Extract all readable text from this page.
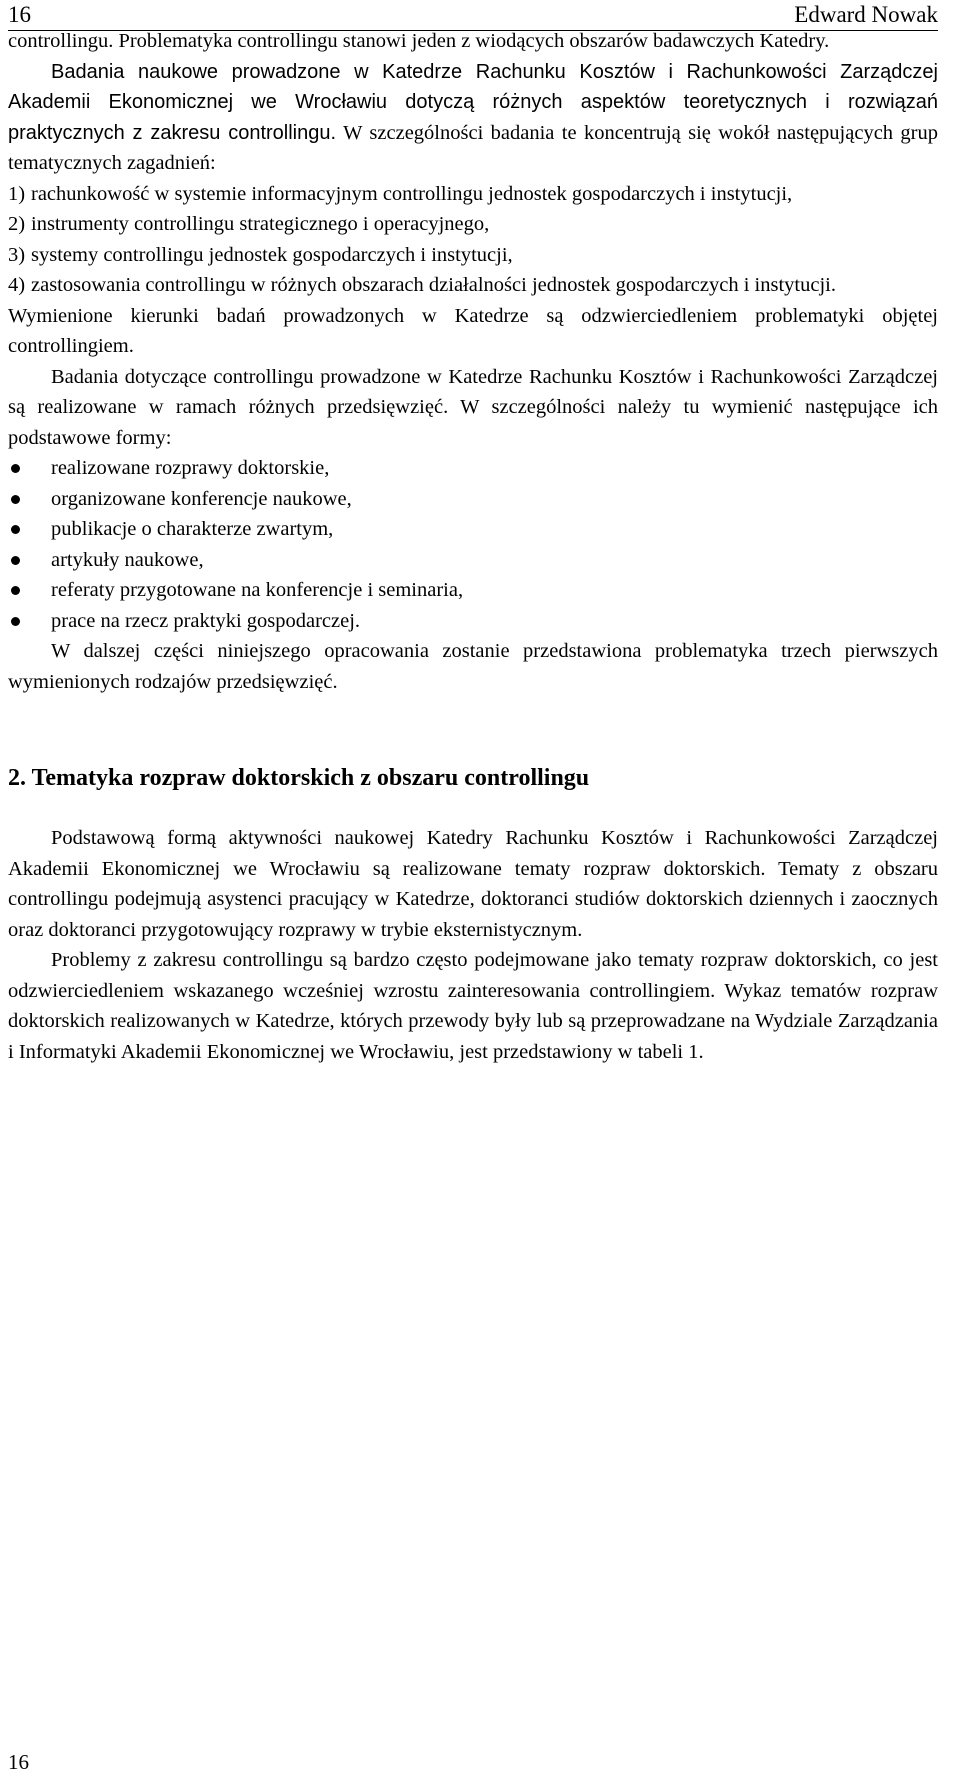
16	Edward Nowak

controllingu. Problematyka controllingu stanowi jeden z wiodących obszarów badawczych Katedry.

Badania naukowe prowadzone w Katedrze Rachunku Kosztów i Rachunkowości Zarządczej Akademii Ekonomicznej we Wrocławiu dotyczą różnych aspektów teoretycznych i rozwiązań praktycznych z zakresu controllingu. W szczególności badania te koncentrują się wokół następujących grup tematycznych zagadnień:

1) rachunkowość w systemie informacyjnym controllingu jednostek gospodarczych i instytucji,
2) instrumenty controllingu strategicznego i operacyjnego,
3) systemy controllingu jednostek gospodarczych i instytucji,
4) zastosowania controllingu w różnych obszarach działalności jednostek gospodarczych i instytucji.

Wymienione kierunki badań prowadzonych w Katedrze są odzwierciedleniem problematyki objętej controllingiem.

Badania dotyczące controllingu prowadzone w Katedrze Rachunku Kosztów i Rachunkowości Zarządczej są realizowane w ramach różnych przedsięwzięć. W szczególności należy tu wymienić następujące ich podstawowe formy:

realizowane rozprawy doktorskie,
organizowane konferencje naukowe,
publikacje o charakterze zwartym,
artykuły naukowe,
referaty przygotowane na konferencje i seminaria,
prace na rzecz praktyki gospodarczej.

W dalszej części niniejszego opracowania zostanie przedstawiona problematyka trzech pierwszych wymienionych rodzajów przedsięwzięć.

2. Tematyka rozpraw doktorskich z obszaru controllingu

Podstawową formą aktywności naukowej Katedry Rachunku Kosztów i Rachunkowości Zarządczej Akademii Ekonomicznej we Wrocławiu są realizowane tematy rozpraw doktorskich. Tematy z obszaru controllingu podejmują asystenci pracujący w Katedrze, doktoranci studiów doktorskich dziennych i zaocznych oraz doktoranci przygotowujący rozprawy w trybie eksternistycznym.

Problemy z zakresu controllingu są bardzo często podejmowane jako tematy rozpraw doktorskich, co jest odzwierciedleniem wskazanego wcześniej wzrostu zainteresowania controllingiem. Wykaz tematów rozpraw doktorskich realizowanych w Katedrze, których przewody były lub są przeprowadzane na Wydziale Zarządzania i Informatyki Akademii Ekonomicznej we Wrocławiu, jest przedstawiony w tabeli 1.

16
